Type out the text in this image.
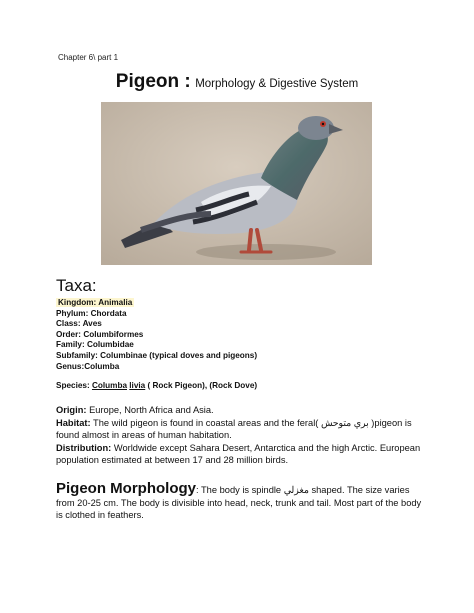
Chapter 6\ part 1
Pigeon : Morphology & Digestive System
Taxa:
Kingdom: Animalia
Phylum: Chordata
Class: Aves
Order: Columbiformes
Family: Columbidae
Subfamily: Columbinae (typical doves and pigeons)
Genus:Columba
Species: Columba livia ( Rock Pigeon), (Rock Dove)

Origin: Europe, North Africa and Asia.

Habitat: The wild pigeon is found in coastal areas and the feral( بري متوحش )pigeon is found almost in areas of human habitation.

Distribution: Worldwide except Sahara Desert, Antarctica and the high Arctic. European population estimated at between 17 and 28 million birds.

Pigeon Morphology: The body is spindle مغزلي shaped. The size varies from 20-25 cm. The body is divisible into head, neck, trunk and tail. Most part of the body is clothed in feathers.
